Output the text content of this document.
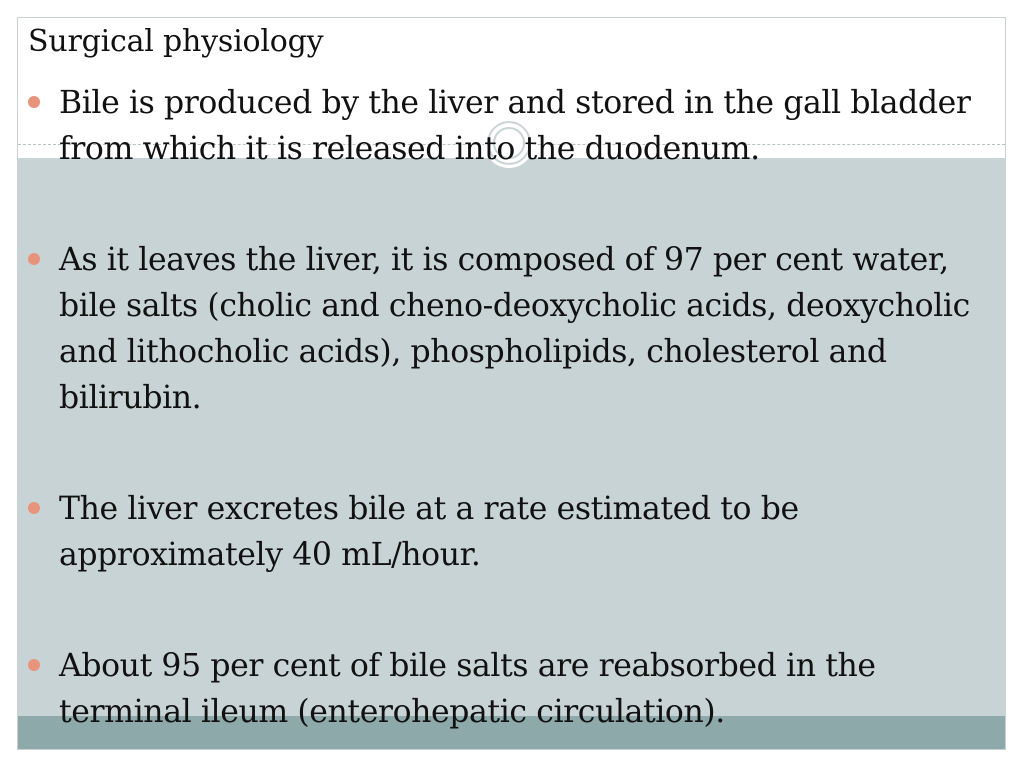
Surgical physiology
Bile is produced by the liver and stored in the gall bladder from which it is released into the duodenum.
As it leaves the liver, it is composed of 97 per cent water, bile salts (cholic and cheno-deoxycholic acids, deoxycholic and lithocholic acids), phospholipids, cholesterol and bilirubin.
The liver excretes bile at a rate estimated to be approximately 40 mL/hour.
About 95 per cent of bile salts are reabsorbed in the terminal ileum (enterohepatic circulation).
